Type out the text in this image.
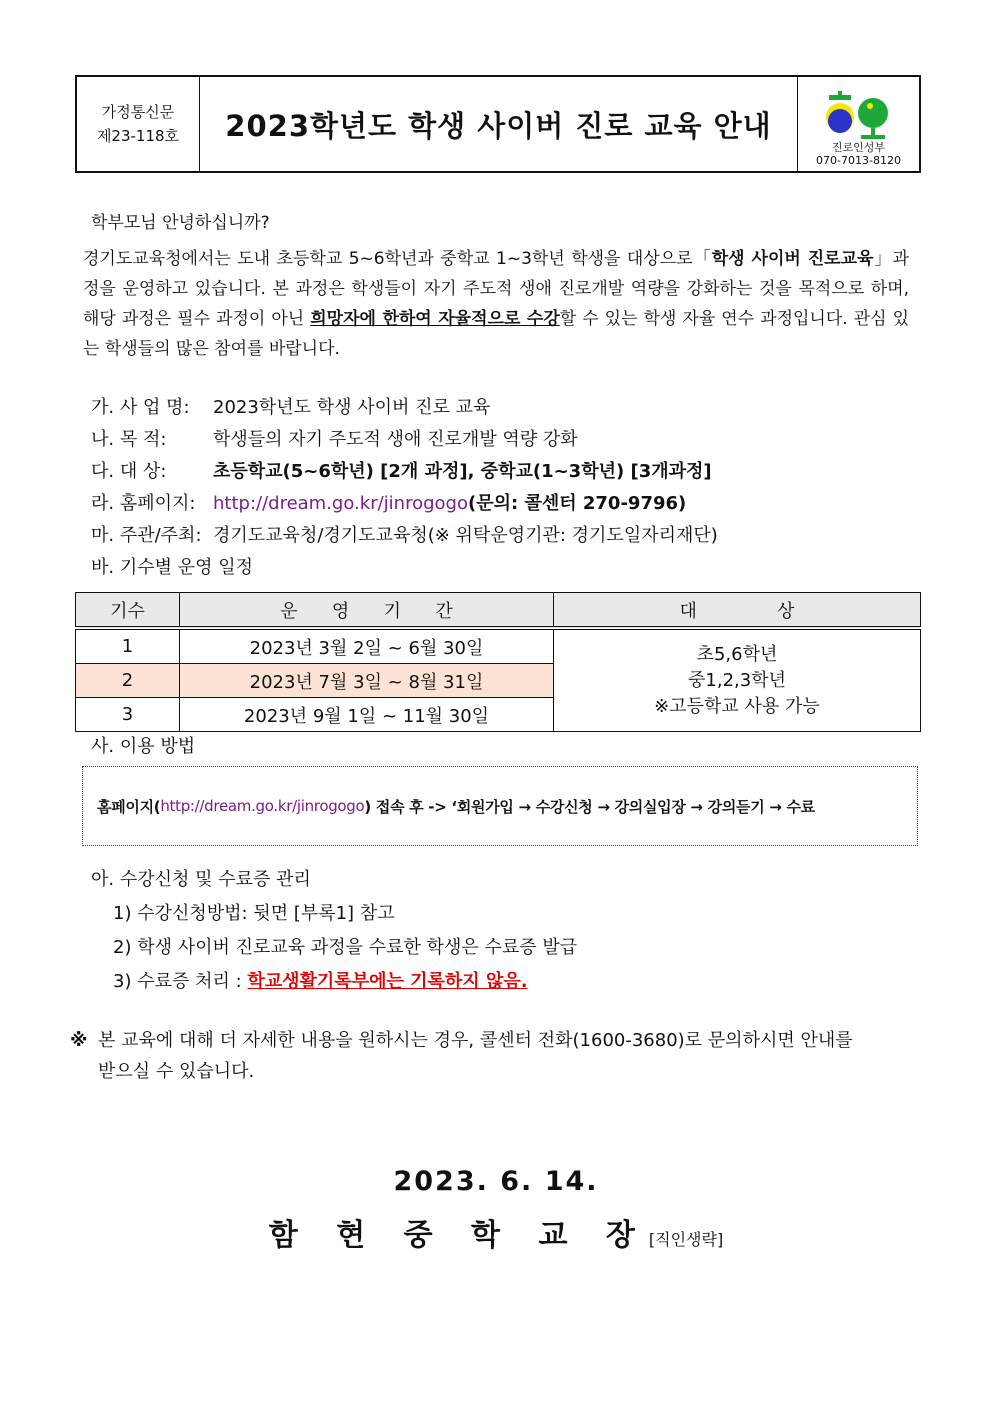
가정통신문
제23-118호	2023학년도 학생 사이버 진로 교육 안내
진로인성부
070-7013-8120
학부모님 안녕하십니까?
경기도교육청에서는 도내 초등학교 5~6학년과 중학교 1~3학년 학생을 대상으로「학생 사이버 진로교육」과정을 운영하고 있습니다. 본 과정은 학생들이 자기 주도적 생애 진로개발 역량을 강화하는 것을 목적으로 하며, 해당 과정은 필수 과정이 아닌 희망자에 한하여 자율적으로 수강할 수 있는 학생 자율 연수 과정입니다. 관심 있는 학생들의 많은 참여를 바랍니다.
가. 사 업 명: 2023학년도 학생 사이버 진로 교육
나. 목 적:	학생들의 자기 주도적 생애 진로개발 역량 강화
다. 대 상:	초등학교(5~6학년) [2개 과정], 중학교(1~3학년) [3개과정]
라. 홈페이지: http://dream.go.kr/jinrogogo(문의: 콜센터 270-9796)
마. 주관/주최: 경기도교육청/경기도교육청(※ 위탁운영기관: 경기도일자리재단)
바. 기수별 운영 일정
기수	운      영      기      간	대              상
1	2023년 3월 2일 ~ 6월 30일	초5,6학년
중1,2,3학년
※고등학교 사용 가능

2	2023년 7월 3일 ~ 8월 31일	
3	2023년 9월 1일 ~ 11월 30일	
사. 이용 방법
홈페이지( http://dream.go.kr/jinrogogo ) 접속 후 -> ‘회원가입 → 수강신청 → 강의실입장 → 강의듣기 → 수료
아. 수강신청 및 수료증 관리
1) 수강신청방법: 뒷면 [부록1] 참고
2) 학생 사이버 진로교육 과정을 수료한 학생은 수료증 발급
3) 수료증 처리 : 학교생활기록부에는 기록하지 않음.
※ 본 교육에 대해 더 자세한 내용을 원하시는 경우, 콜센터 전화(1600-3680)로 문의하시면 안내를
받으실 수 있습니다.
2023. 6. 14.
함 현 중 학 교 장[직인생략]
